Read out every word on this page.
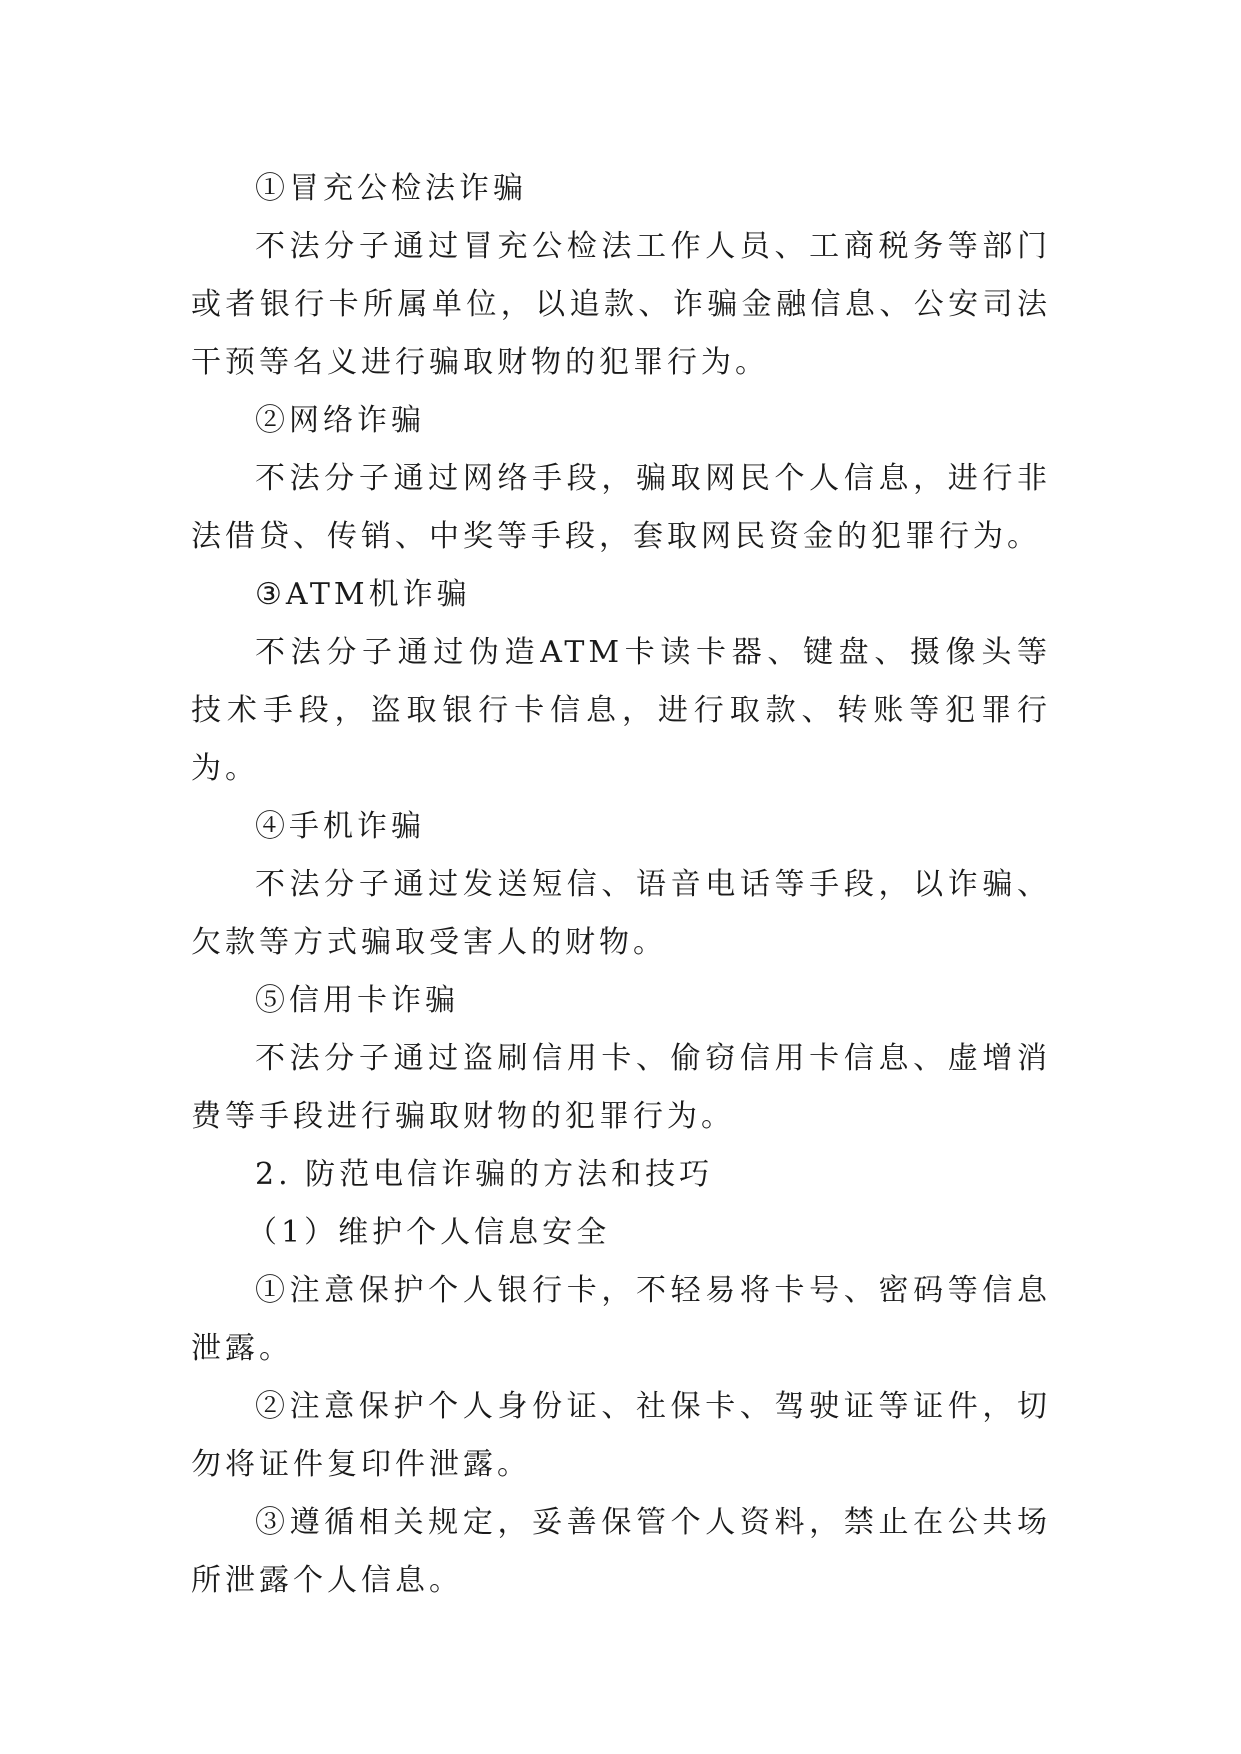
①冒充公检法诈骗

不法分子通过冒充公检法工作人员、工商税务等部门或者银行卡所属单位，以追款、诈骗金融信息、公安司法干预等名义进行骗取财物的犯罪行为。

②网络诈骗

不法分子通过网络手段，骗取网民个人信息，进行非法借贷、传销、中奖等手段，套取网民资金的犯罪行为。

③ATM机诈骗

不法分子通过伪造ATM卡读卡器、键盘、摄像头等技术手段，盗取银行卡信息，进行取款、转账等犯罪行为。

④手机诈骗

不法分子通过发送短信、语音电话等手段，以诈骗、欠款等方式骗取受害人的财物。

⑤信用卡诈骗

不法分子通过盗刷信用卡、偷窃信用卡信息、虚增消费等手段进行骗取财物的犯罪行为。

2. 防范电信诈骗的方法和技巧

（1）维护个人信息安全

①注意保护个人银行卡，不轻易将卡号、密码等信息泄露。

②注意保护个人身份证、社保卡、驾驶证等证件，切勿将证件复印件泄露。

③遵循相关规定，妥善保管个人资料，禁止在公共场所泄露个人信息。
